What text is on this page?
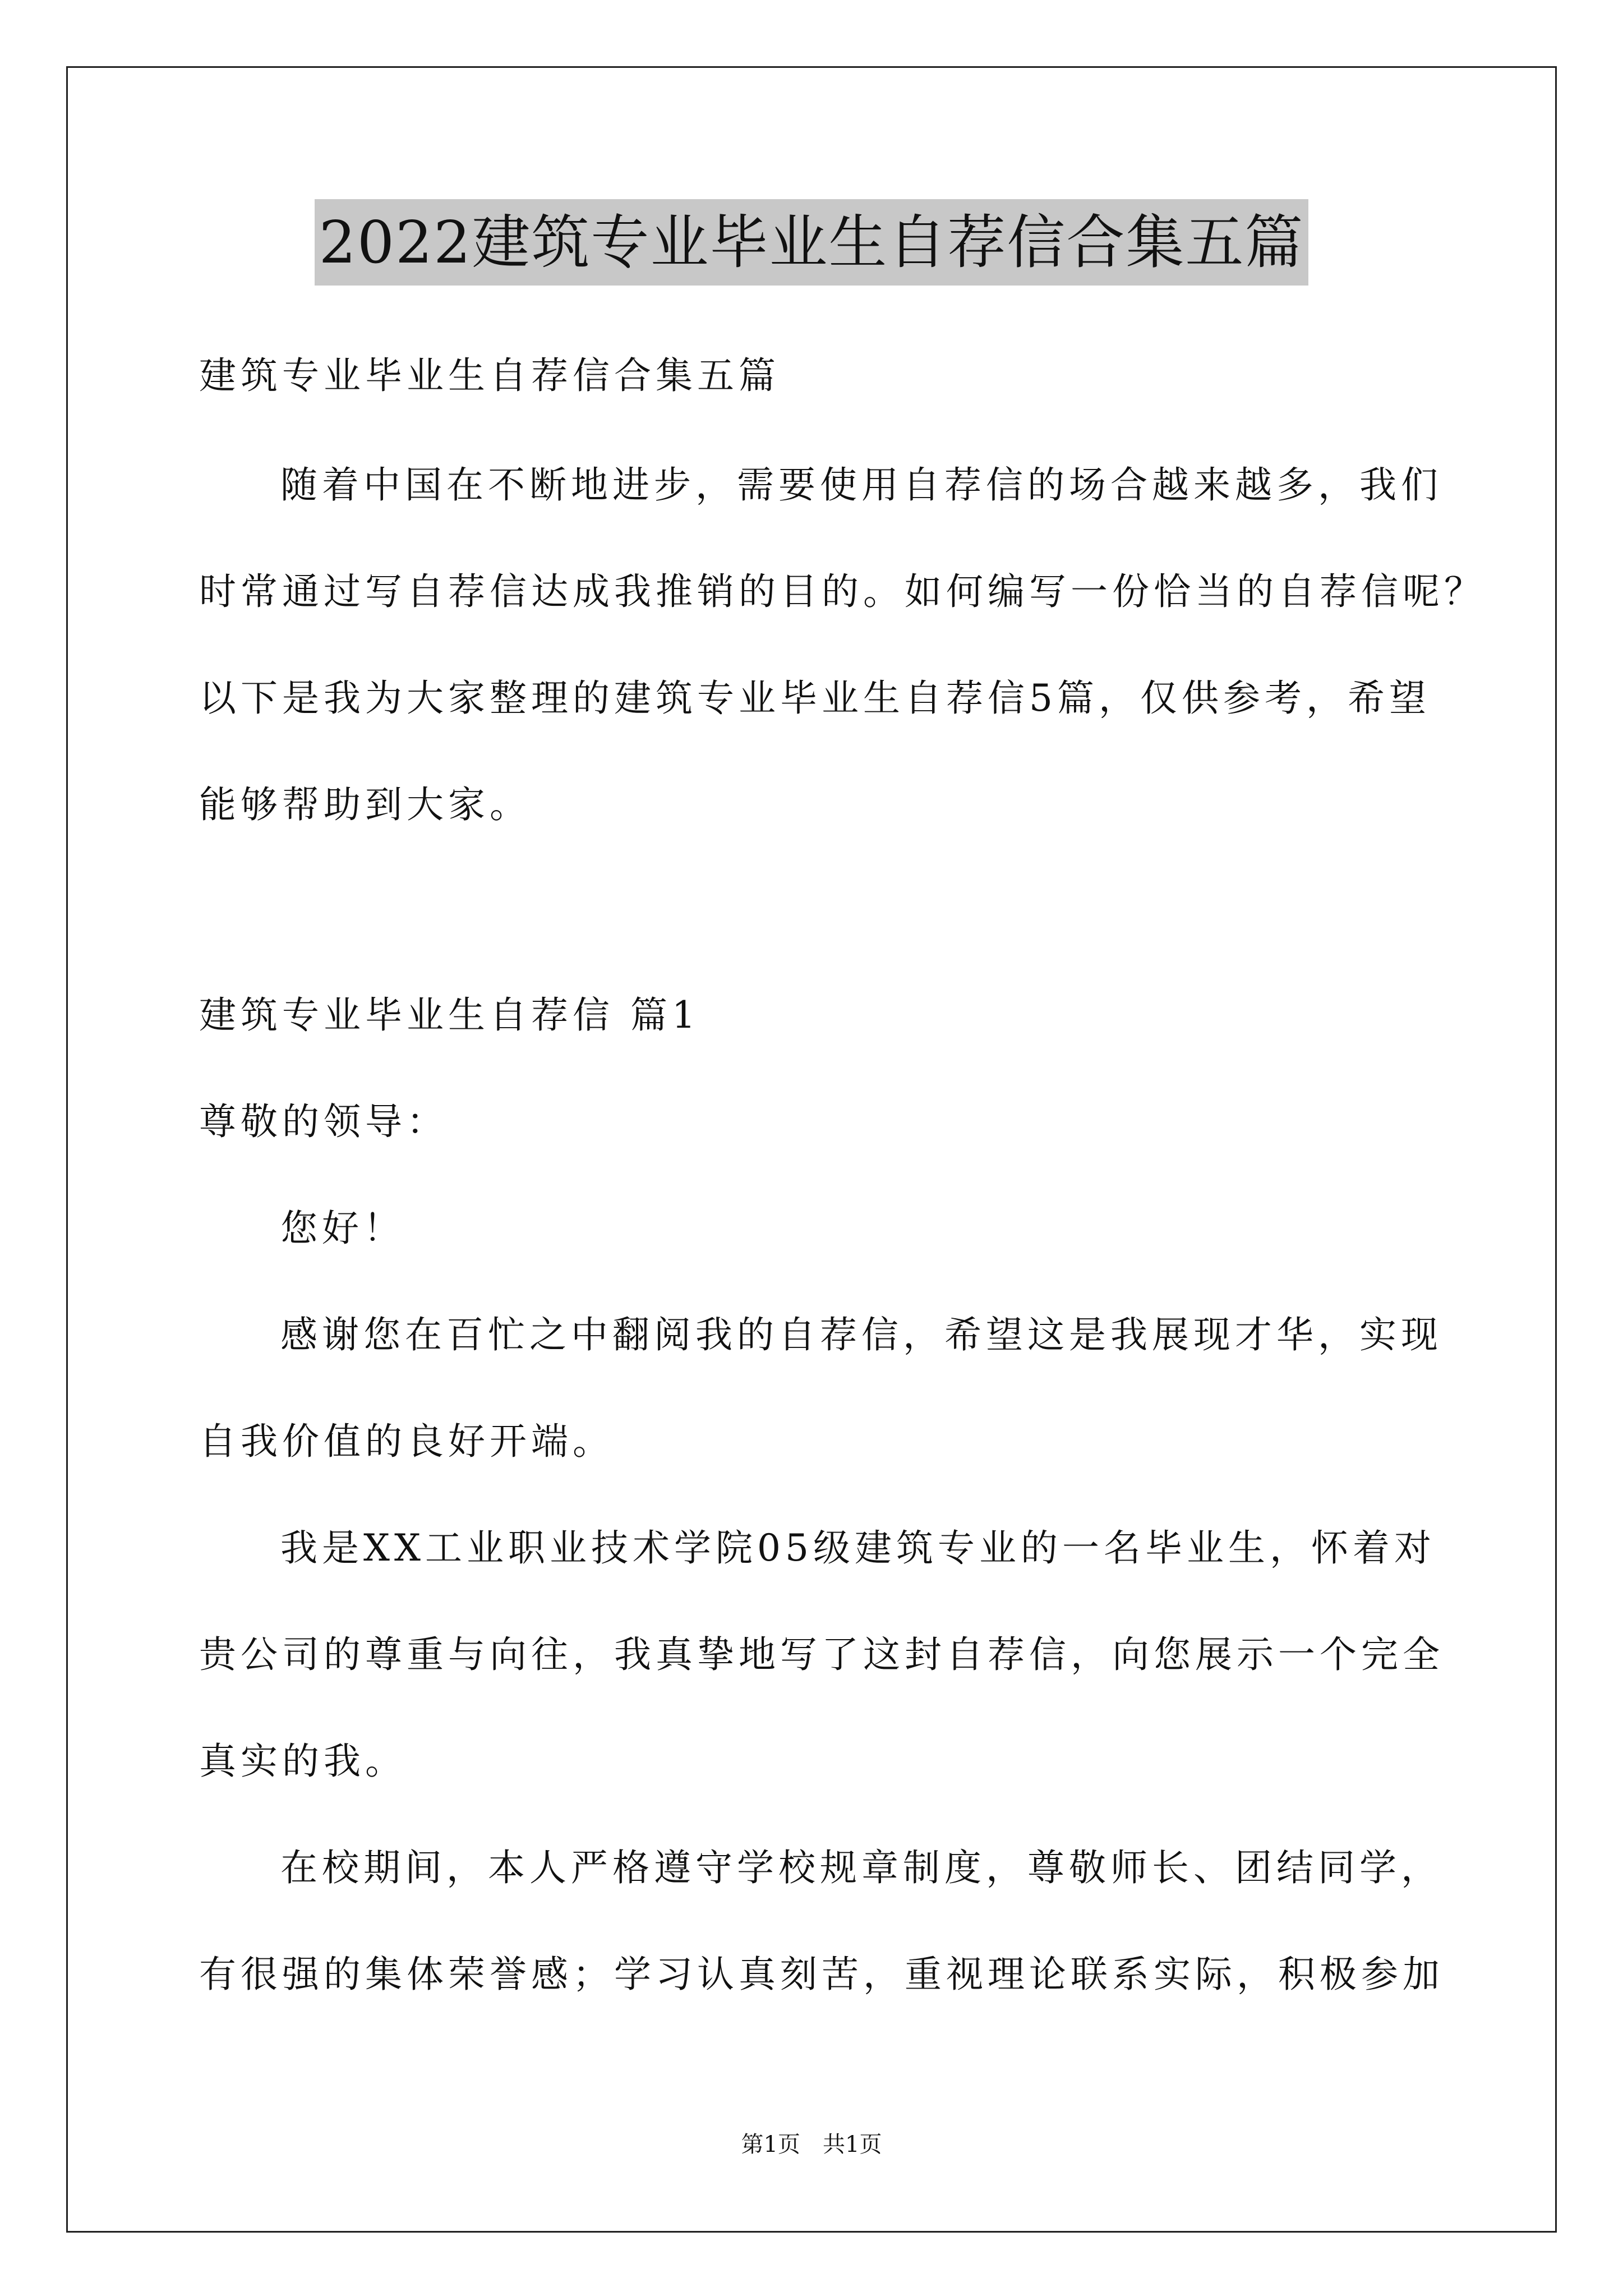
2022建筑专业毕业生自荐信合集五篇
建筑专业毕业生自荐信合集五篇
随着中国在不断地进步，需要使用自荐信的场合越来越多，我们
时常通过写自荐信达成我推销的目的。如何编写一份恰当的自荐信呢？
以下是我为大家整理的建筑专业毕业生自荐信5篇，仅供参考，希望
能够帮助到大家。
建筑专业毕业生自荐信 篇1
尊敬的领导：
您好！
感谢您在百忙之中翻阅我的自荐信，希望这是我展现才华，实现
自我价值的良好开端。
我是XX工业职业技术学院05级建筑专业的一名毕业生，怀着对
贵公司的尊重与向往，我真挚地写了这封自荐信，向您展示一个完全
真实的我。
在校期间，本人严格遵守学校规章制度，尊敬师长、团结同学，
有很强的集体荣誉感；学习认真刻苦，重视理论联系实际，积极参加
第1页 共1页
